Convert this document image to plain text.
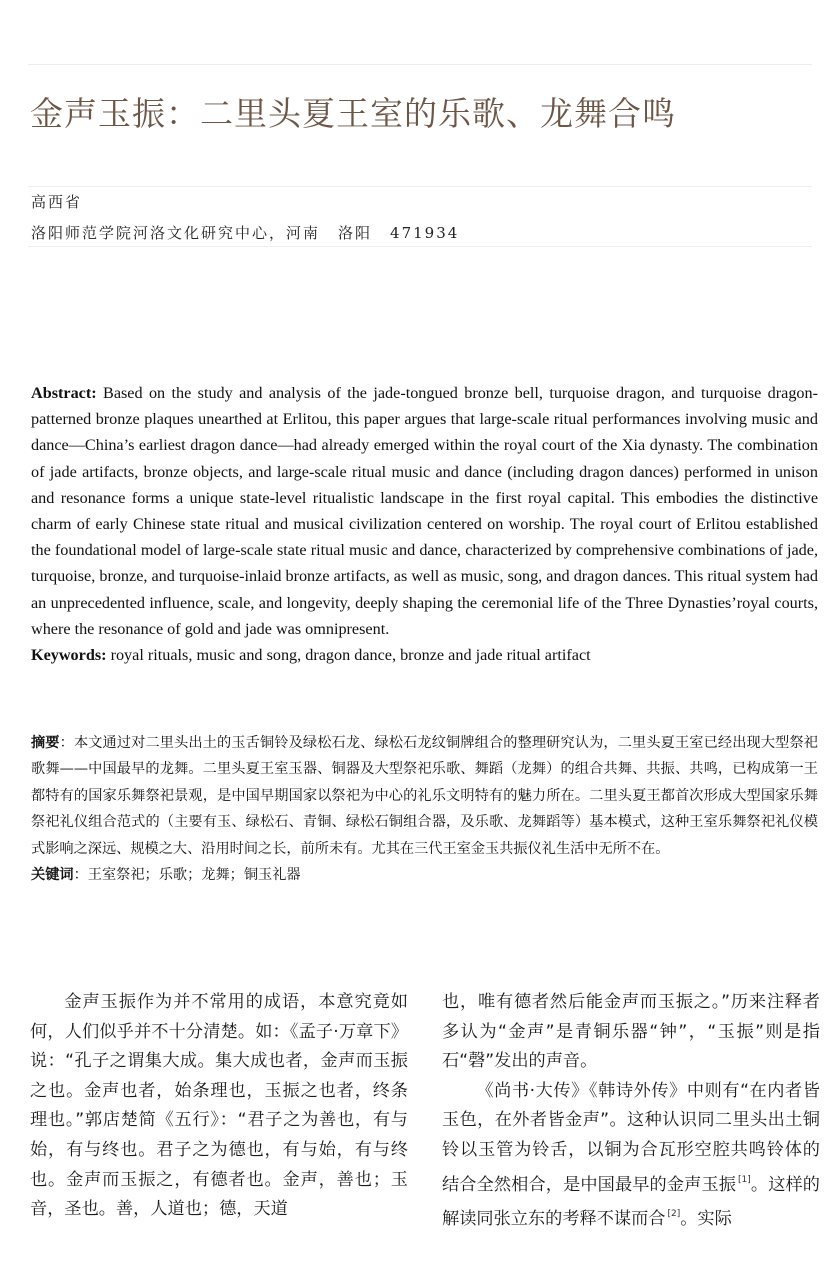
金声玉振：二里头夏王室的乐歌、龙舞合鸣
高西省
洛阳师范学院河洛文化研究中心，河南 洛阳 471934
Abstract: Based on the study and analysis of the jade-tongued bronze bell, turquoise dragon, and turquoise dragon-patterned bronze plaques unearthed at Erlitou, this paper argues that large-scale ritual performances involving music and dance—China’s earliest dragon dance—had already emerged within the royal court of the Xia dynasty. The combination of jade artifacts, bronze objects, and large-scale ritual music and dance (including dragon dances) performed in unison and resonance forms a unique state-level ritualistic landscape in the first royal capital. This embodies the distinctive charm of early Chinese state ritual and musical civilization centered on worship. The royal court of Erlitou established the foundational model of large-scale state ritual music and dance, characterized by comprehensive combinations of jade, turquoise, bronze, and turquoise-inlaid bronze artifacts, as well as music, song, and dragon dances. This ritual system had an unprecedented influence, scale, and longevity, deeply shaping the ceremonial life of the Three Dynasties’royal courts, where the resonance of gold and jade was omnipresent.
Keywords: royal rituals, music and song, dragon dance, bronze and jade ritual artifact
摘要：本文通过对二里头出土的玉舌铜铃及绿松石龙、绿松石龙纹铜牌组合的整理研究认为，二里头夏王室已经出现大型祭祀歌舞——中国最早的龙舞。二里头夏王室玉器、铜器及大型祭祀乐歌、舞蹈（龙舞）的组合共舞、共振、共鸣，已构成第一王都特有的国家乐舞祭祀景观，是中国早期国家以祭祀为中心的礼乐文明特有的魅力所在。二里头夏王都首次形成大型国家乐舞祭祀礼仪组合范式的（主要有玉、绿松石、青铜、绿松石铜组合器，及乐歌、龙舞蹈等）基本模式，这种王室乐舞祭祀礼仪模式影响之深远、规模之大、沿用时间之长，前所未有。尤其在三代王室金玉共振仪礼生活中无所不在。
关键词：王室祭祀；乐歌；龙舞；铜玉礼器

金声玉振作为并不常用的成语，本意究竟如何，人们似乎并不十分清楚。如：《孟子·万章下》说：“孔子之谓集大成。集大成也者，金声而玉振之也。金声也者，始条理也，玉振之也者，终条理也。”郭店楚简《五行》：“君子之为善也，有与始，有与终也。君子之为德也，有与始，有与终也。金声而玉振之，有德者也。金声，善也；玉音，圣也。善，人道也；德，天道

也，唯有德者然后能金声而玉振之。”历来注释者多认为“金声”是青铜乐器“钟”，“玉振”则是指石“磬”发出的声音。

《尚书·大传》《韩诗外传》中则有“在内者皆玉色，在外者皆金声”。这种认识同二里头出土铜铃以玉管为铃舌，以铜为合瓦形空腔共鸣铃体的结合全然相合，是中国最早的金声玉振 [1]。这样的解读同张立东的考释不谋而合 [2]。实际
